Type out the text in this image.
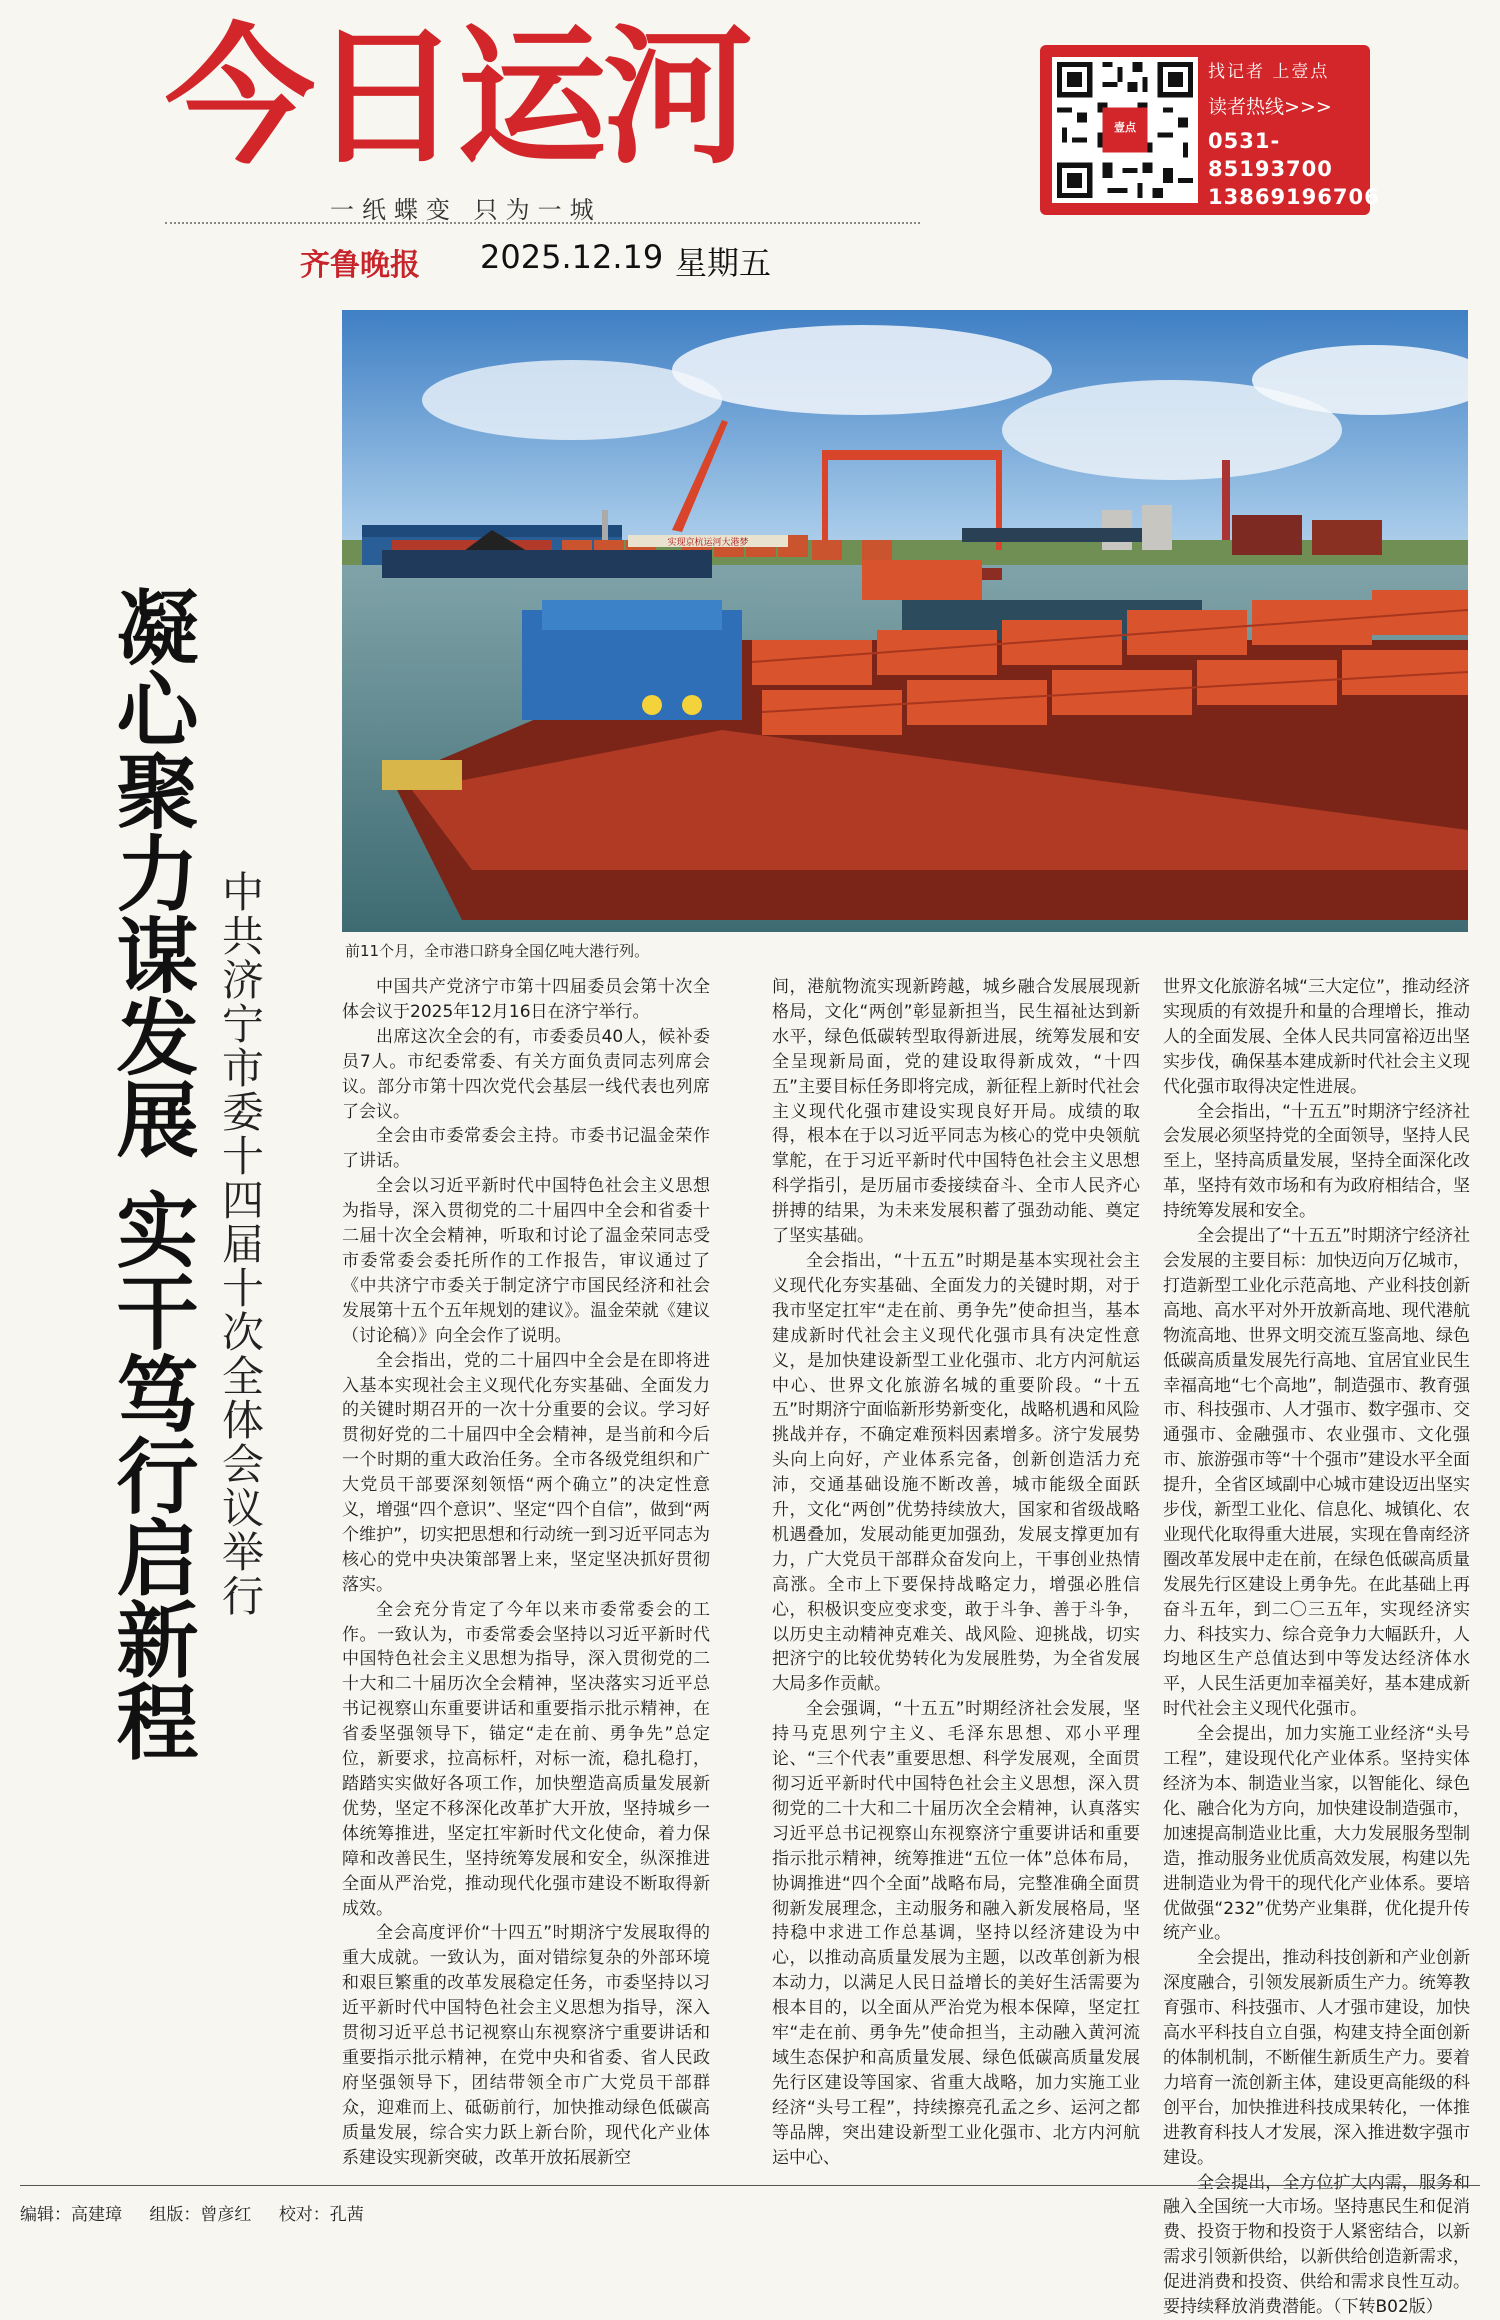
今日运河
一纸蝶变 只为一城
齐鲁晚报 2025.12.19 星期五
壹点
找记者 上壹点
读者热线>>>
0531-85193700
13869196706
实现京杭运河大港梦
前11个月，全市港口跻身全国亿吨大港行列。
凝心聚力谋发展 实干笃行启新程 中共济宁市委十四届十次全体会议举行	中国共产党济宁市第十四届委员会第十次全体会议于2025年12月16日在济宁举行。

出席这次全会的有，市委委员40人，候补委员7人。市纪委常委、有关方面负责同志列席会议。部分市第十四次党代会基层一线代表也列席了会议。

全会由市委常委会主持。市委书记温金荣作了讲话。

全会以习近平新时代中国特色社会主义思想为指导，深入贯彻党的二十届四中全会和省委十二届十次全会精神，听取和讨论了温金荣同志受市委常委会委托所作的工作报告，审议通过了《中共济宁市委关于制定济宁市国民经济和社会发展第十五个五年规划的建议》。温金荣就《建议（讨论稿）》向全会作了说明。

全会指出，党的二十届四中全会是在即将进入基本实现社会主义现代化夯实基础、全面发力的关键时期召开的一次十分重要的会议。学习好贯彻好党的二十届四中全会精神，是当前和今后一个时期的重大政治任务。全市各级党组织和广大党员干部要深刻领悟“两个确立”的决定性意义，增强“四个意识”、坚定“四个自信”，做到“两个维护”，切实把思想和行动统一到习近平同志为核心的党中央决策部署上来，坚定坚决抓好贯彻落实。

全会充分肯定了今年以来市委常委会的工作。一致认为，市委常委会坚持以习近平新时代中国特色社会主义思想为指导，深入贯彻党的二十大和二十届历次全会精神，坚决落实习近平总书记视察山东重要讲话和重要指示批示精神，在省委坚强领导下，锚定“走在前、勇争先”总定位，新要求，拉高标杆，对标一流，稳扎稳打，踏踏实实做好各项工作，加快塑造高质量发展新优势，坚定不移深化改革扩大开放，坚持城乡一体统筹推进，坚定扛牢新时代文化使命，着力保障和改善民生，坚持统筹发展和安全，纵深推进全面从严治党，推动现代化强市建设不断取得新成效。

全会高度评价“十四五”时期济宁发展取得的重大成就。一致认为，面对错综复杂的外部环境和艰巨繁重的改革发展稳定任务，市委坚持以习近平新时代中国特色社会主义思想为指导，深入贯彻习近平总书记视察山东视察济宁重要讲话和重要指示批示精神，在党中央和省委、省人民政府坚强领导下，团结带领全市广大党员干部群众，迎难而上、砥砺前行，加快推动绿色低碳高质量发展，综合实力跃上新台阶，现代化产业体系建设实现新突破，改革开放拓展新空

间，港航物流实现新跨越，城乡融合发展展现新格局，文化“两创”彰显新担当，民生福祉达到新水平，绿色低碳转型取得新进展，统筹发展和安全呈现新局面，党的建设取得新成效，“十四五”主要目标任务即将完成，新征程上新时代社会主义现代化强市建设实现良好开局。成绩的取得，根本在于以习近平同志为核心的党中央领航掌舵，在于习近平新时代中国特色社会主义思想科学指引，是历届市委接续奋斗、全市人民齐心拼搏的结果，为未来发展积蓄了强劲动能、奠定了坚实基础。

全会指出，“十五五”时期是基本实现社会主义现代化夯实基础、全面发力的关键时期，对于我市坚定扛牢“走在前、勇争先”使命担当，基本建成新时代社会主义现代化强市具有决定性意义，是加快建设新型工业化强市、北方内河航运中心、世界文化旅游名城的重要阶段。“十五五”时期济宁面临新形势新变化，战略机遇和风险挑战并存，不确定难预料因素增多。济宁发展势头向上向好，产业体系完备，创新创造活力充沛，交通基础设施不断改善，城市能级全面跃升，文化“两创”优势持续放大，国家和省级战略机遇叠加，发展动能更加强劲，发展支撑更加有力，广大党员干部群众奋发向上，干事创业热情高涨。全市上下要保持战略定力，增强必胜信心，积极识变应变求变，敢于斗争、善于斗争，以历史主动精神克难关、战风险、迎挑战，切实把济宁的比较优势转化为发展胜势，为全省发展大局多作贡献。

全会强调，“十五五”时期经济社会发展，坚持马克思列宁主义、毛泽东思想、邓小平理论、“三个代表”重要思想、科学发展观，全面贯彻习近平新时代中国特色社会主义思想，深入贯彻党的二十大和二十届历次全会精神，认真落实习近平总书记视察山东视察济宁重要讲话和重要指示批示精神，统筹推进“五位一体”总体布局，协调推进“四个全面”战略布局，完整准确全面贯彻新发展理念，主动服务和融入新发展格局，坚持稳中求进工作总基调，坚持以经济建设为中心，以推动高质量发展为主题，以改革创新为根本动力，以满足人民日益增长的美好生活需要为根本目的，以全面从严治党为根本保障，坚定扛牢“走在前、勇争先”使命担当，主动融入黄河流域生态保护和高质量发展、绿色低碳高质量发展先行区建设等国家、省重大战略，加力实施工业经济“头号工程”，持续擦亮孔孟之乡、运河之都等品牌，突出建设新型工业化强市、北方内河航运中心、

世界文化旅游名城“三大定位”，推动经济实现质的有效提升和量的合理增长，推动人的全面发展、全体人民共同富裕迈出坚实步伐，确保基本建成新时代社会主义现代化强市取得决定性进展。

全会指出，“十五五”时期济宁经济社会发展必须坚持党的全面领导，坚持人民至上，坚持高质量发展，坚持全面深化改革，坚持有效市场和有为政府相结合，坚持统筹发展和安全。

全会提出了“十五五”时期济宁经济社会发展的主要目标：加快迈向万亿城市，打造新型工业化示范高地、产业科技创新高地、高水平对外开放新高地、现代港航物流高地、世界文明交流互鉴高地、绿色低碳高质量发展先行高地、宜居宜业民生幸福高地“七个高地”，制造强市、教育强市、科技强市、人才强市、数字强市、交通强市、金融强市、农业强市、文化强市、旅游强市等“十个强市”建设水平全面提升，全省区域副中心城市建设迈出坚实步伐，新型工业化、信息化、城镇化、农业现代化取得重大进展，实现在鲁南经济圈改革发展中走在前，在绿色低碳高质量发展先行区建设上勇争先。在此基础上再奋斗五年，到二〇三五年，实现经济实力、科技实力、综合竞争力大幅跃升，人均地区生产总值达到中等发达经济体水平，人民生活更加幸福美好，基本建成新时代社会主义现代化强市。

全会提出，加力实施工业经济“头号工程”，建设现代化产业体系。坚持实体经济为本、制造业当家，以智能化、绿色化、融合化为方向，加快建设制造强市，加速提高制造业比重，大力发展服务型制造，推动服务业优质高效发展，构建以先进制造业为骨干的现代化产业体系。要培优做强“232”优势产业集群，优化提升传统产业。

全会提出，推动科技创新和产业创新深度融合，引领发展新质生产力。统筹教育强市、科技强市、人才强市建设，加快高水平科技自立自强，构建支持全面创新的体制机制，不断催生新质生产力。要着力培育一流创新主体，建设更高能级的科创平台，加快推进科技成果转化，一体推进教育科技人才发展，深入推进数字强市建设。

全会提出，全方位扩大内需，服务和融入全国统一大市场。坚持惠民生和促消费、投资于物和投资于人紧密结合，以新需求引领新供给，以新供给创造新需求，促进消费和投资、供给和需求良性互动。要持续释放消费潜能。（下转B02版）

编辑：高建璋 组版：曾彦红 校对：孔茜
